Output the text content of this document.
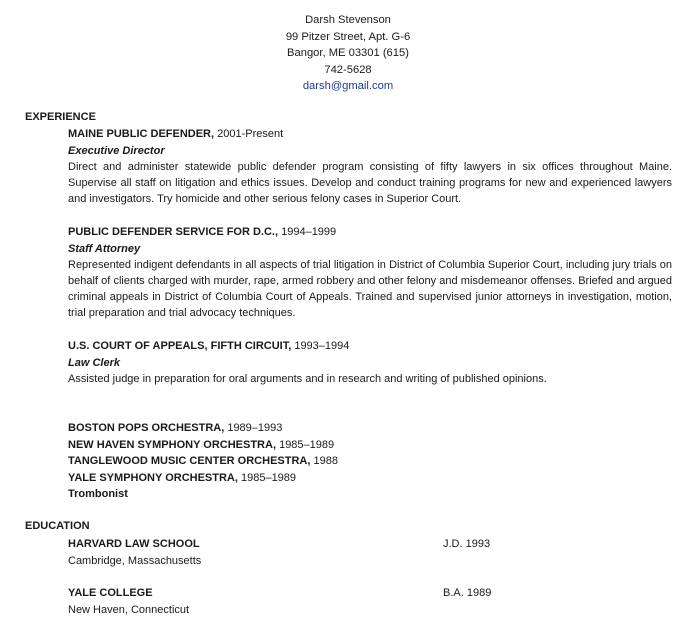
Darsh Stevenson
99 Pitzer Street, Apt. G-6
Bangor, ME 03301 (615)
742-5628
darsh@gmail.com
EXPERIENCE
MAINE PUBLIC DEFENDER, 2001-Present
Executive Director
Direct and administer statewide public defender program consisting of fifty lawyers in six offices throughout Maine. Supervise all staff on litigation and ethics issues. Develop and conduct training programs for new and experienced lawyers and investigators. Try homicide and other serious felony cases in Superior Court.
PUBLIC DEFENDER SERVICE FOR D.C., 1994–1999
Staff Attorney
Represented indigent defendants in all aspects of trial litigation in District of Columbia Superior Court, including jury trials on behalf of clients charged with murder, rape, armed robbery and other felony and misdemeanor offenses. Briefed and argued criminal appeals in District of Columbia Court of Appeals. Trained and supervised junior attorneys in investigation, motion, trial preparation and trial advocacy techniques.
U.S. COURT OF APPEALS, FIFTH CIRCUIT, 1993–1994
Law Clerk
Assisted judge in preparation for oral arguments and in research and writing of published opinions.
BOSTON POPS ORCHESTRA, 1989–1993
NEW HAVEN SYMPHONY ORCHESTRA, 1985–1989
TANGLEWOOD MUSIC CENTER ORCHESTRA, 1988
YALE SYMPHONY ORCHESTRA, 1985–1989
Trombonist
EDUCATION
HARVARD LAW SCHOOL
Cambridge, Massachusetts
J.D. 1993
YALE COLLEGE
New Haven, Connecticut
B.A. 1989
